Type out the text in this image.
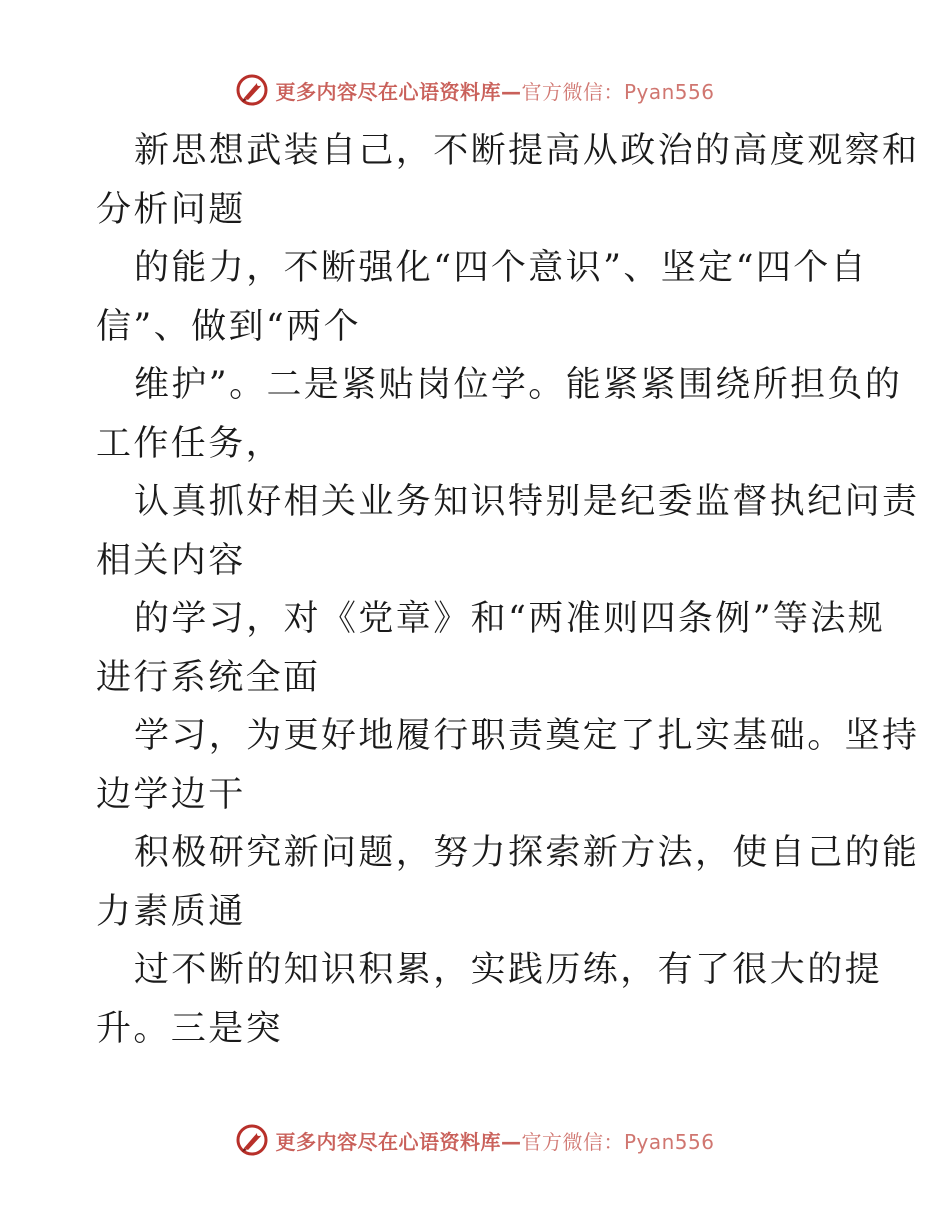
更多内容尽在心语资料库—官方微信：Pyan556
新思想武装自己，不断提高从政治的高度观察和
分析问题
的能力，不断强化“四个意识”、坚定“四个自
信”、做到“两个
维护”。二是紧贴岗位学。能紧紧围绕所担负的
工作任务，
认真抓好相关业务知识特别是纪委监督执纪问责
相关内容
的学习，对《党章》和“两准则四条例”等法规
进行系统全面
学习，为更好地履行职责奠定了扎实基础。坚持
边学边干
积极研究新问题，努力探索新方法，使自己的能
力素质通
过不断的知识积累，实践历练，有了很大的提
升。三是突
更多内容尽在心语资料库—官方微信：Pyan556
